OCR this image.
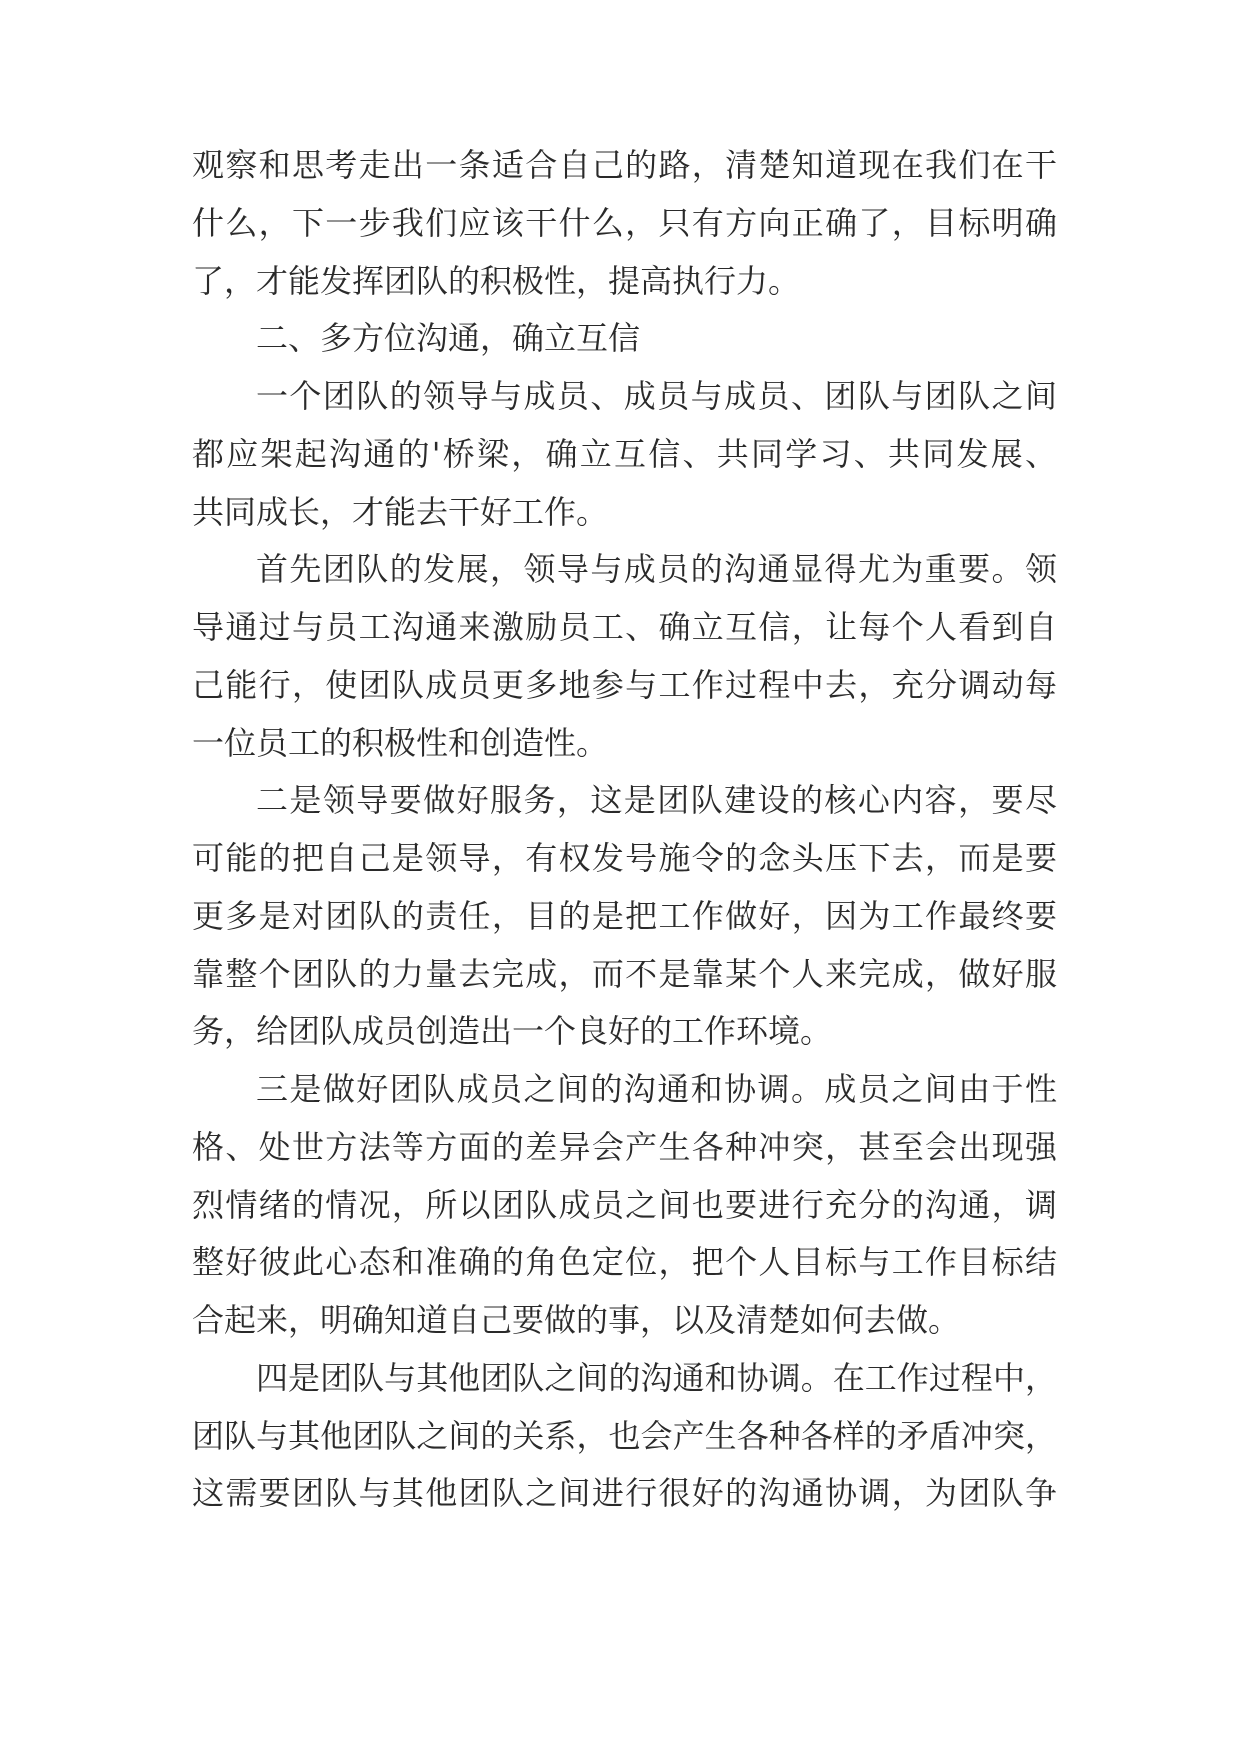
观察和思考走出一条适合自己的路，清楚知道现在我们在干
什么，下一步我们应该干什么，只有方向正确了，目标明确
了，才能发挥团队的积极性，提高执行力。
二、多方位沟通，确立互信
一个团队的领导与成员、成员与成员、团队与团队之间
都应架起沟通的'桥梁，确立互信、共同学习、共同发展、
共同成长，才能去干好工作。
首先团队的发展，领导与成员的沟通显得尤为重要。领
导通过与员工沟通来激励员工、确立互信，让每个人看到自
己能行，使团队成员更多地参与工作过程中去，充分调动每
一位员工的积极性和创造性。
二是领导要做好服务，这是团队建设的核心内容，要尽
可能的把自己是领导，有权发号施令的念头压下去，而是要
更多是对团队的责任，目的是把工作做好，因为工作最终要
靠整个团队的力量去完成，而不是靠某个人来完成，做好服
务，给团队成员创造出一个良好的工作环境。
三是做好团队成员之间的沟通和协调。成员之间由于性
格、处世方法等方面的差异会产生各种冲突，甚至会出现强
烈情绪的情况，所以团队成员之间也要进行充分的沟通，调
整好彼此心态和准确的角色定位，把个人目标与工作目标结
合起来，明确知道自己要做的事，以及清楚如何去做。
四是团队与其他团队之间的沟通和协调。在工作过程中，
团队与其他团队之间的关系，也会产生各种各样的矛盾冲突，
这需要团队与其他团队之间进行很好的沟通协调，为团队争
